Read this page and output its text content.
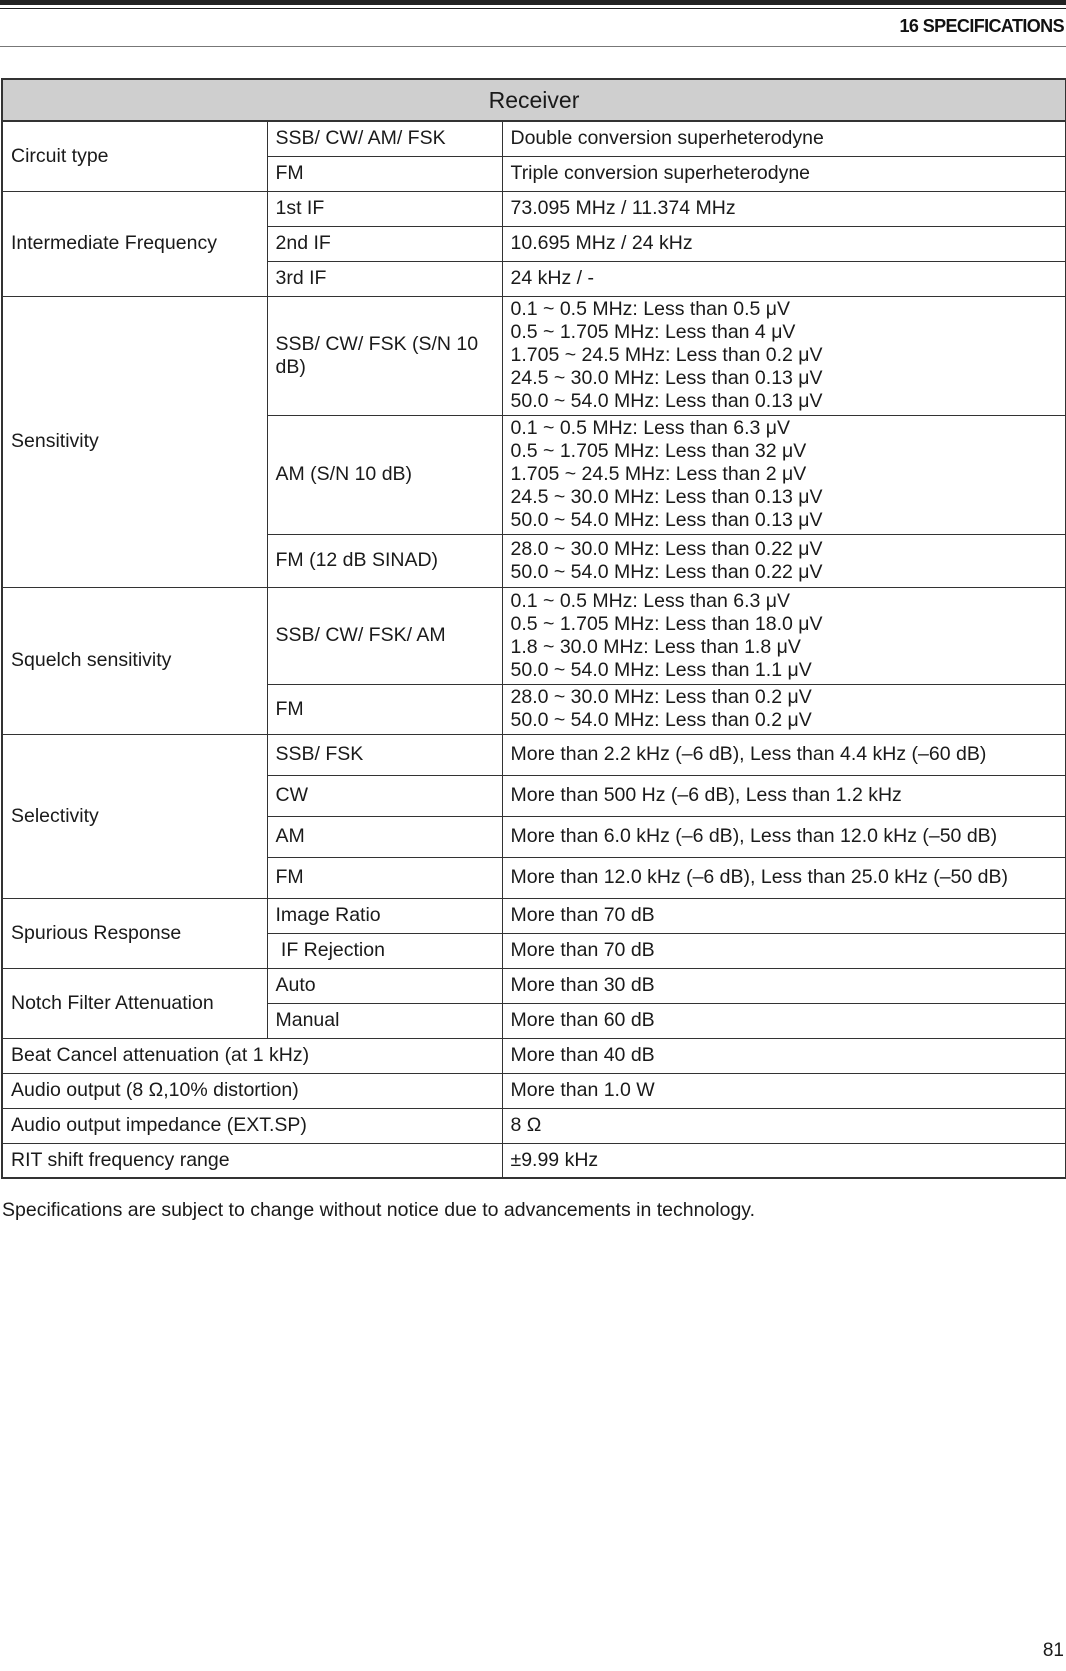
16 SPECIFICATIONS
Receiver		
Circuit type	SSB/ CW/ AM/ FSK	Double conversion superheterodyne
	FM	Triple conversion superheterodyne
Intermediate Frequency	1st IF	73.095 MHz / 11.374 MHz
	2nd IF	10.695 MHz / 24 kHz
	3rd IF	24 kHz / -
Sensitivity	SSB/ CW/ FSK (S/N 10 dB)	0.1 ~ 0.5 MHz: Less than 0.5 μV
0.5 ~ 1.705 MHz: Less than 4 μV
1.705 ~ 24.5 MHz: Less than 0.2 μV
24.5 ~ 30.0 MHz: Less than 0.13 μV
50.0 ~ 54.0 MHz: Less than 0.13 μV

	AM (S/N 10 dB)	0.1 ~ 0.5 MHz: Less than 6.3 μV
0.5 ~ 1.705 MHz: Less than 32 μV
1.705 ~ 24.5 MHz: Less than 2 μV
24.5 ~ 30.0 MHz: Less than 0.13 μV
50.0 ~ 54.0 MHz: Less than 0.13 μV

	FM (12 dB SINAD)	28.0 ~ 30.0 MHz: Less than 0.22 μV
50.0 ~ 54.0 MHz: Less than 0.22 μV

Squelch sensitivity	SSB/ CW/ FSK/ AM	0.1 ~ 0.5 MHz: Less than 6.3 μV
0.5 ~ 1.705 MHz: Less than 18.0 μV
1.8 ~ 30.0 MHz: Less than 1.8 μV
50.0 ~ 54.0 MHz: Less than 1.1 μV

	FM	28.0 ~ 30.0 MHz: Less than 0.2 μV
50.0 ~ 54.0 MHz: Less than 0.2 μV

Selectivity	SSB/ FSK	More than 2.2 kHz (–6 dB), Less than 4.4 kHz (–60 dB)
	CW	More than 500 Hz (–6 dB), Less than 1.2 kHz
	AM	More than 6.0 kHz (–6 dB), Less than 12.0 kHz (–50 dB)
	FM	More than 12.0 kHz (–6 dB), Less than 25.0 kHz (–50 dB)
Spurious Response	Image Ratio	More than 70 dB
	IF Rejection	More than 70 dB
Notch Filter Attenuation	Auto	More than 30 dB
	Manual	More than 60 dB
Beat Cancel attenuation (at 1 kHz)		More than 40 dB
Audio output (8 Ω,10% distortion)		More than 1.0 W
Audio output impedance (EXT.SP)		8 Ω
RIT shift frequency range		±9.99 kHz
Specifications are subject to change without notice due to advancements in technology.
81
